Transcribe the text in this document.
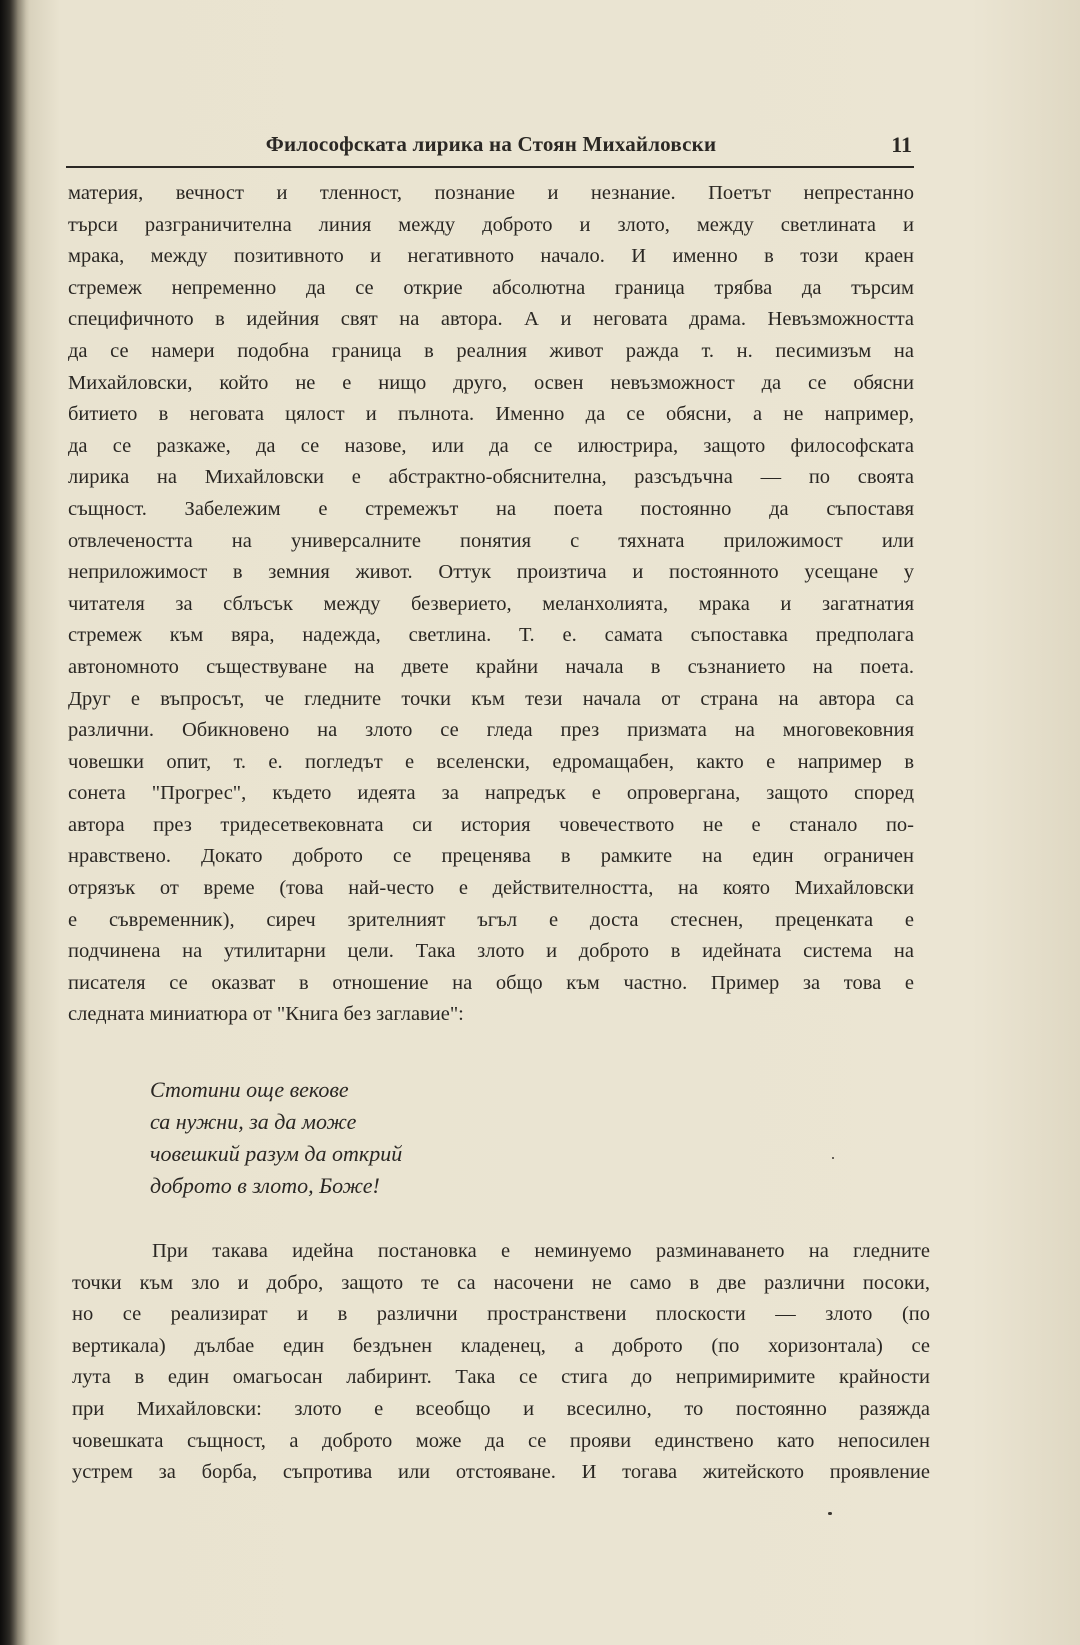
Философската лирика на Стоян Михайловски	11
материя, вечност и тленност, познание и незнание. Поетът непрестанно
търси разграничителна линия между доброто и злото, между светлината и
мрака, между позитивното и негативното начало. И именно в този краен
стремеж непременно да се открие абсолютна граница трябва да търсим
специфичното в идейния свят на автора. А и неговата драма. Невъзможността
да се намери подобна граница в реалния живот ражда т. н. песимизъм на
Михайловски, който не е нищо друго, освен невъзможност да се обясни
битието в неговата цялост и пълнота. Именно да се обясни, а не например,
да се разкаже, да се назове, или да се илюстрира, защото философската
лирика на Михайловски е абстрактно-обяснителна, разсъдъчна — по своята
същност. Забележим е стремежът на поета постоянно да съпоставя
отвлечеността на универсалните понятия с тяхната приложимост или
неприложимост в земния живот. Оттук произтича и постоянното усещане у
читателя за сблъсък между безверието, меланхолията, мрака и загатнатия
стремеж към вяра, надежда, светлина. Т. е. самата съпоставка предполага
автономното съществуване на двете крайни начала в съзнанието на поета.
Друг е въпросът, че гледните точки към тези начала от страна на автора са
различни. Обикновено на злото се гледа през призмата на многовековния
човешки опит, т. е. погледът е вселенски, едромащабен, както е например в
сонета "Прогрес", където идеята за напредък е опровергана, защото според
автора през тридесетвековната си история човечеството не е станало по-
нравствено. Докато доброто се преценява в рамките на един ограничен
отрязък от време (това най-често е действителността, на която Михайловски
е съвременник), сиреч зрителният ъгъл е доста стеснен, преценката е
подчинена на утилитарни цели. Така злото и доброто в идейната система на
писателя се оказват в отношение на общо към частно. Пример за това е
следната миниатюра от "Книга без заглавие":
Стотини още векове
са нужни, за да може
човешкий разум да открий
доброто в злото, Боже!
При такава идейна постановка е неминуемо разминаването на гледните
точки към зло и добро, защото те са насочени не само в две различни посоки,
но се реализират и в различни пространствени плоскости — злото (по
вертикала) дълбае един бездънен кладенец, а доброто (по хоризонтала) се
лута в един омагьосан лабиринт. Така се стига до непримиримите крайности
при Михайловски: злото е всеобщо и всесилно, то постоянно разяжда
човешката същност, а доброто може да се прояви единствено като непосилен
устрем за борба, съпротива или отстояване. И тогава житейското проявление
